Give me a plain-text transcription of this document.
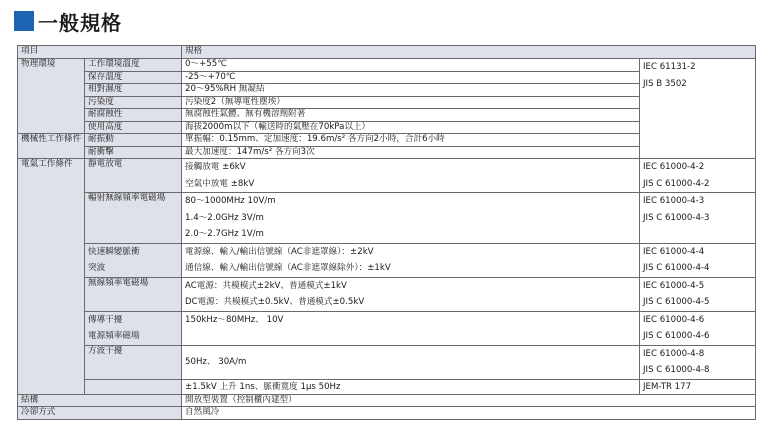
一般規格
項目		規格	
物理環境	工作環境溫度	0～+55℃	IEC 61131-2
JIS B 3502

	保存溫度	-25～+70℃	
	相對濕度	20～95%RH 無凝結	
	污染度	污染度2（無導電性塵埃）	
	耐腐蝕性	無腐蝕性氣體、無有機溶劑附著	
	使用高度	海拔2000m以下（輸送時的氣壓在70kPa以上）	
機械性工作條件	耐振動	單振幅：0.15mm、定加速度：19.6m/s² 各方向2小時，合計6小時	
	耐衝擊	最大加速度：147m/s² 各方向3次	
電氣工作條件	靜電放電	接觸放電 ±6kV
空氣中放電 ±8kV	IEC 61000-4-2
JIS C 61000-4-2

	輻射無線頻率電磁場	80～1000MHz 10V/m
1.4～2.0GHz 3V/m
2.0～2.7GHz 1V/m	IEC 61000-4-3
JIS C 61000-4-3

	快速瞬變脈衝
突波	電源線、輸入/輸出信號線（AC非遮罩線）：±2kV
通信線、輸入/輸出信號線（AC非遮罩線除外）：±1kV	IEC 61000-4-4
JIS C 61000-4-4

	無線頻率電磁場	AC電源：共模模式±2kV、普通模式±1kV
DC電源：共模模式±0.5kV、普通模式±0.5kV	IEC 61000-4-5
JIS C 61000-4-5

	傳導干擾
電源頻率磁場	150kHz～80MHz、 10V	IEC 61000-4-6
JIS C 61000-4-6

	方波干擾	50Hz、 30A/m	IEC 61000-4-8
JIS C 61000-4-8

		±1.5kV 上升 1ns、脈衝寬度 1μs 50Hz	JEM-TR 177

結構		開放型裝置（控制櫃內建型）	
冷卻方式		自然風冷	
